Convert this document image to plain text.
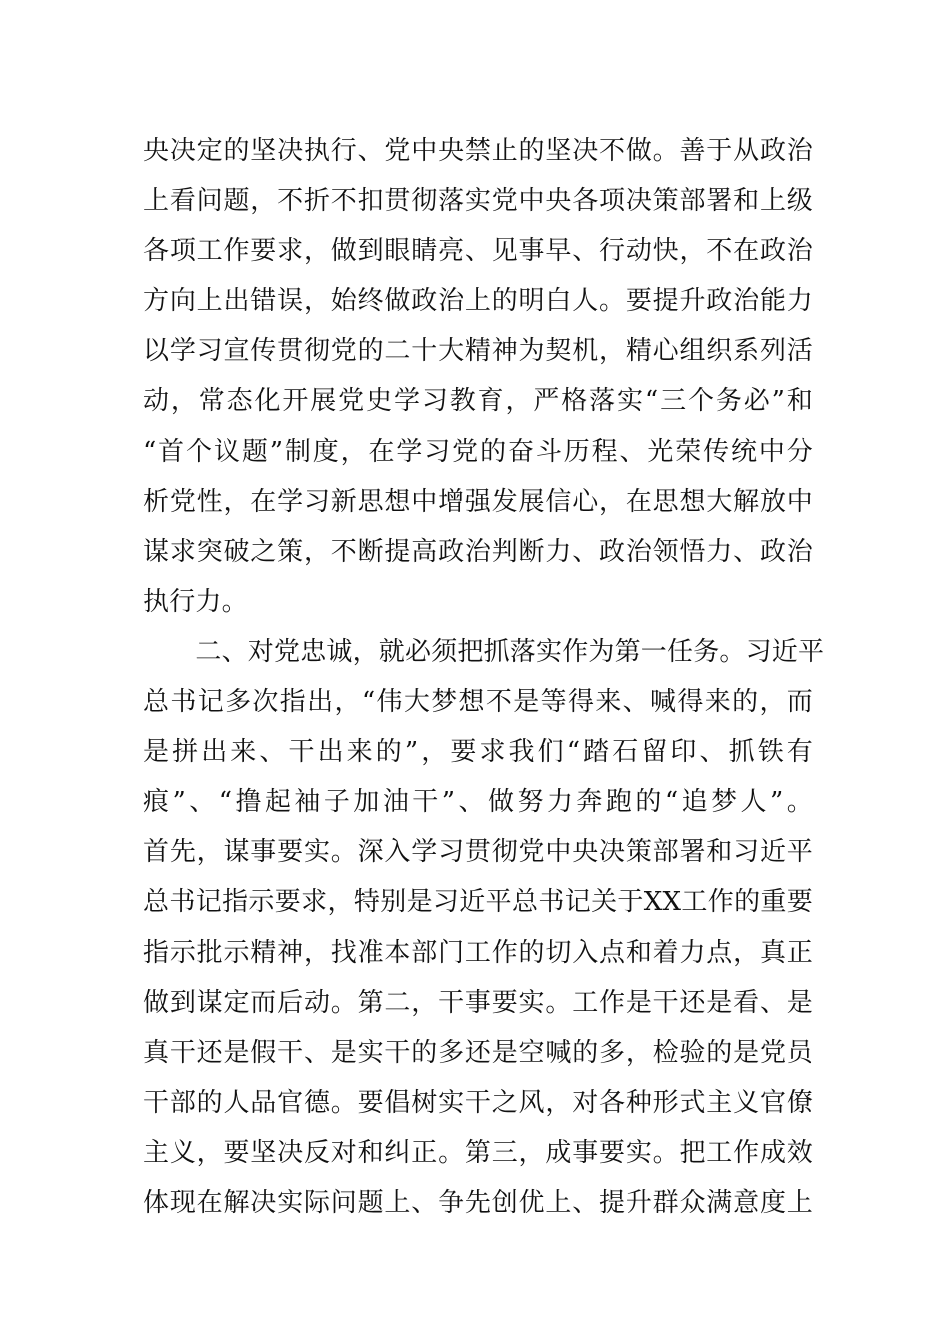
央决定的坚决执行、党中央禁止的坚决不做。善于从政治
上看问题，不折不扣贯彻落实党中央各项决策部署和上级
各项工作要求，做到眼睛亮、见事早、行动快，不在政治
方向上出错误，始终做政治上的明白人。要提升政治能力
以学习宣传贯彻党的二十大精神为契机，精心组织系列活
动，常态化开展党史学习教育，严格落实“三个务必”和
“首个议题”制度，在学习党的奋斗历程、光荣传统中分
析党性，在学习新思想中增强发展信心，在思想大解放中
谋求突破之策，不断提高政治判断力、政治领悟力、政治
执行力。
　　二、对党忠诚，就必须把抓落实作为第一任务。习近平
总书记多次指出，“伟大梦想不是等得来、喊得来的，而
是拼出来、干出来的”，要求我们“踏石留印、抓铁有
痕”、“撸起袖子加油干”、做努力奔跑的“追梦人”。
首先，谋事要实。深入学习贯彻党中央决策部署和习近平
总书记指示要求，特别是习近平总书记关于XX工作的重要
指示批示精神，找准本部门工作的切入点和着力点，真正
做到谋定而后动。第二，干事要实。工作是干还是看、是
真干还是假干、是实干的多还是空喊的多，检验的是党员
干部的人品官德。要倡树实干之风，对各种形式主义官僚
主义，要坚决反对和纠正。第三，成事要实。把工作成效
体现在解决实际问题上、争先创优上、提升群众满意度上
